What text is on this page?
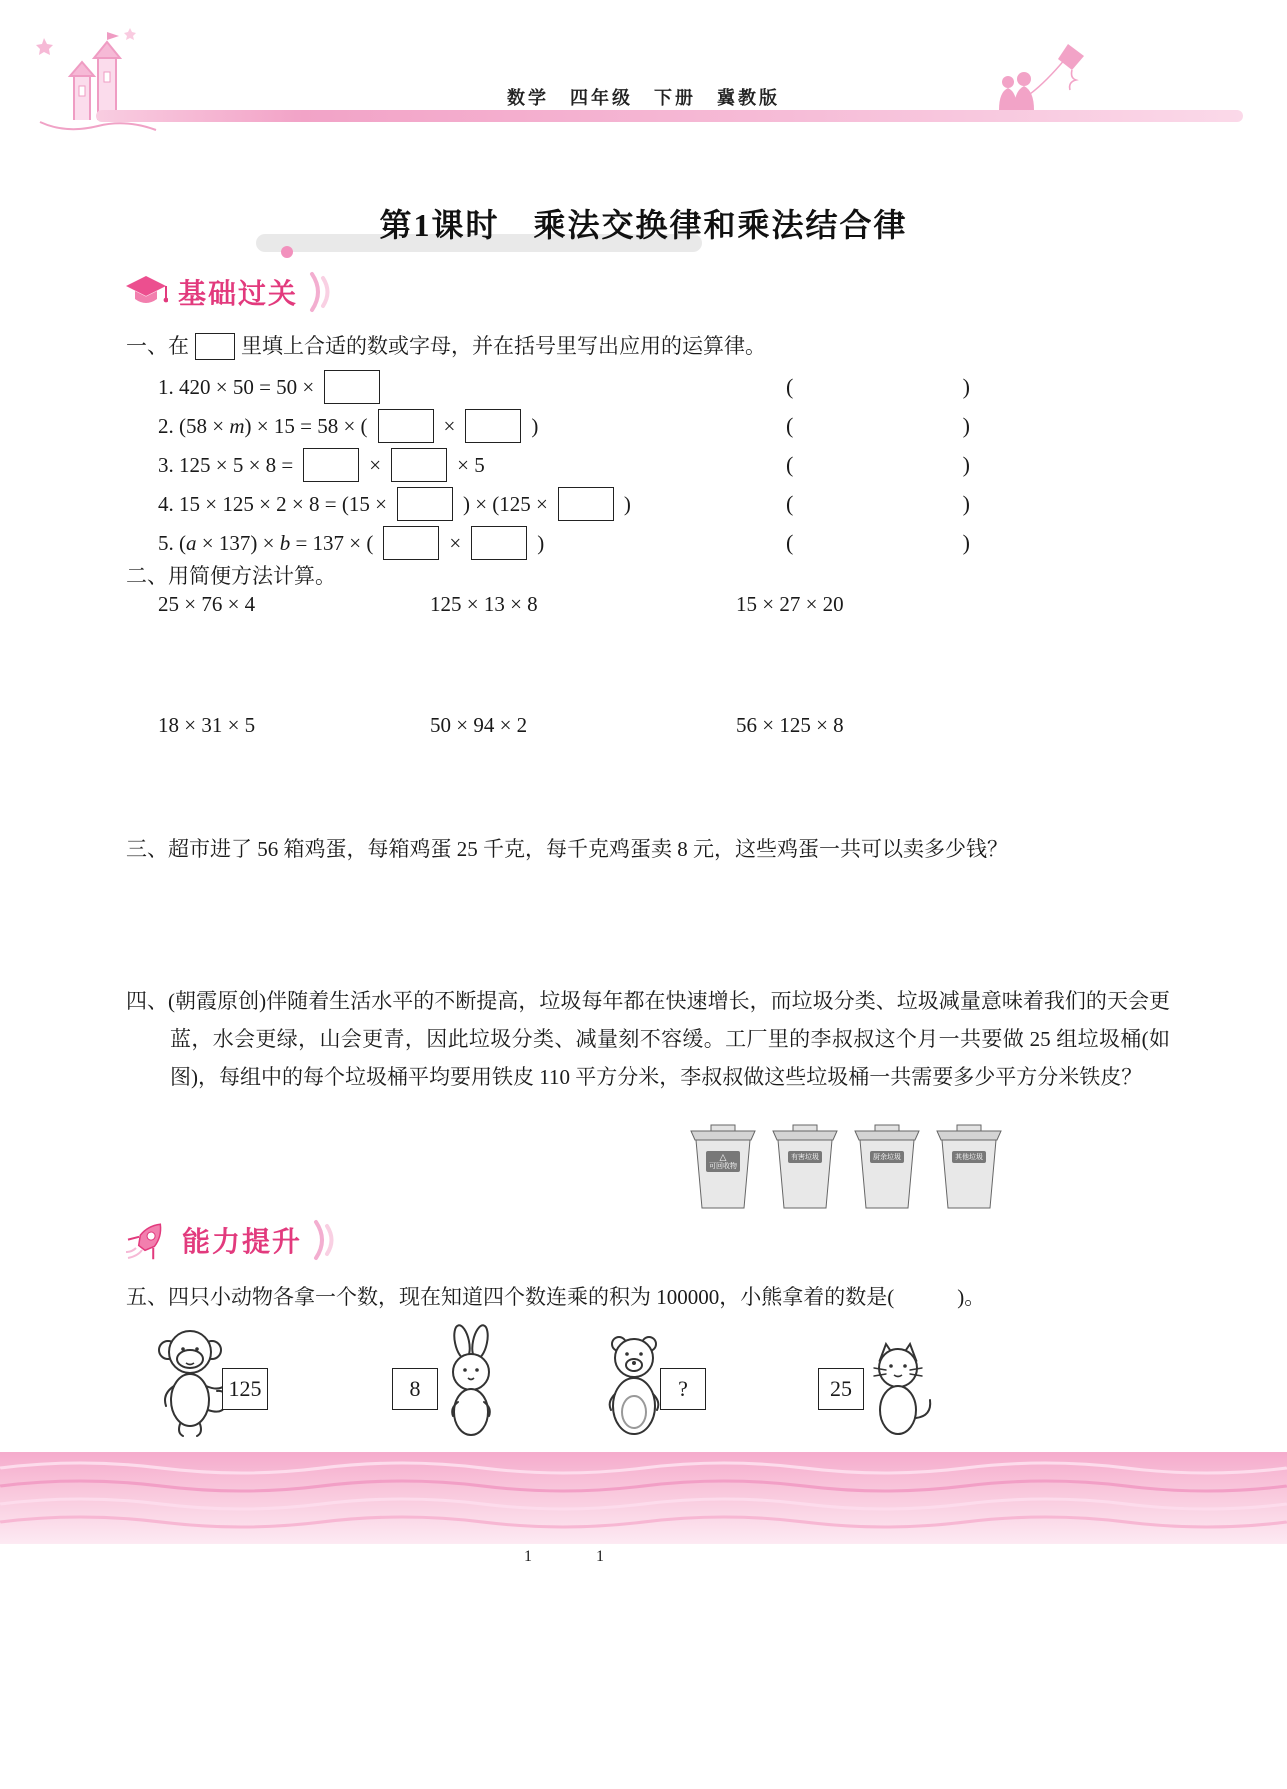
数学　四年级　下册　冀教版
第1课时　乘法交换律和乘法结合律
基础过关
一、在 里填上合适的数或字母，并在括号里写出应用的运算律。
1. 420 × 50 = 50 ×	(	)
2. (58 × m ) × 15 = 58 × (	×	)	(	)
3. 125 × 5 × 8 =	×	× 5	(	)
4. 15 × 125 × 2 × 8 = (15 ×	) × (125 ×	)	(	)
5. ( a × 137) × b = 137 × (	×	)	(	)
二、用简便方法计算。
25 × 76 × 4	125 × 13 × 8	15 × 27 × 20
18 × 31 × 5	50 × 94 × 2	56 × 125 × 8
三、超市进了 56 箱鸡蛋，每箱鸡蛋 25 千克，每千克鸡蛋卖 8 元，这些鸡蛋一共可以卖多少钱？
四、(朝霞原创)伴随着生活水平的不断提高，垃圾每年都在快速增长，而垃圾分类、垃圾减量意味着我们的天会更蓝，水会更绿，山会更青，因此垃圾分类、减量刻不容缓。工厂里的李叔叔这个月一共要做 25 组垃圾桶(如图)，每组中的每个垃圾桶平均要用铁皮 110 平方分米，李叔叔做这些垃圾桶一共需要多少平方分米铁皮？
△
可回收物
有害垃圾	厨余垃圾	其他垃圾
能力提升
五、四只小动物各拿一个数，现在知道四个数连乘的积为 100000，小熊拿着的数是(　　　)。
125	8	?	25
1	1
